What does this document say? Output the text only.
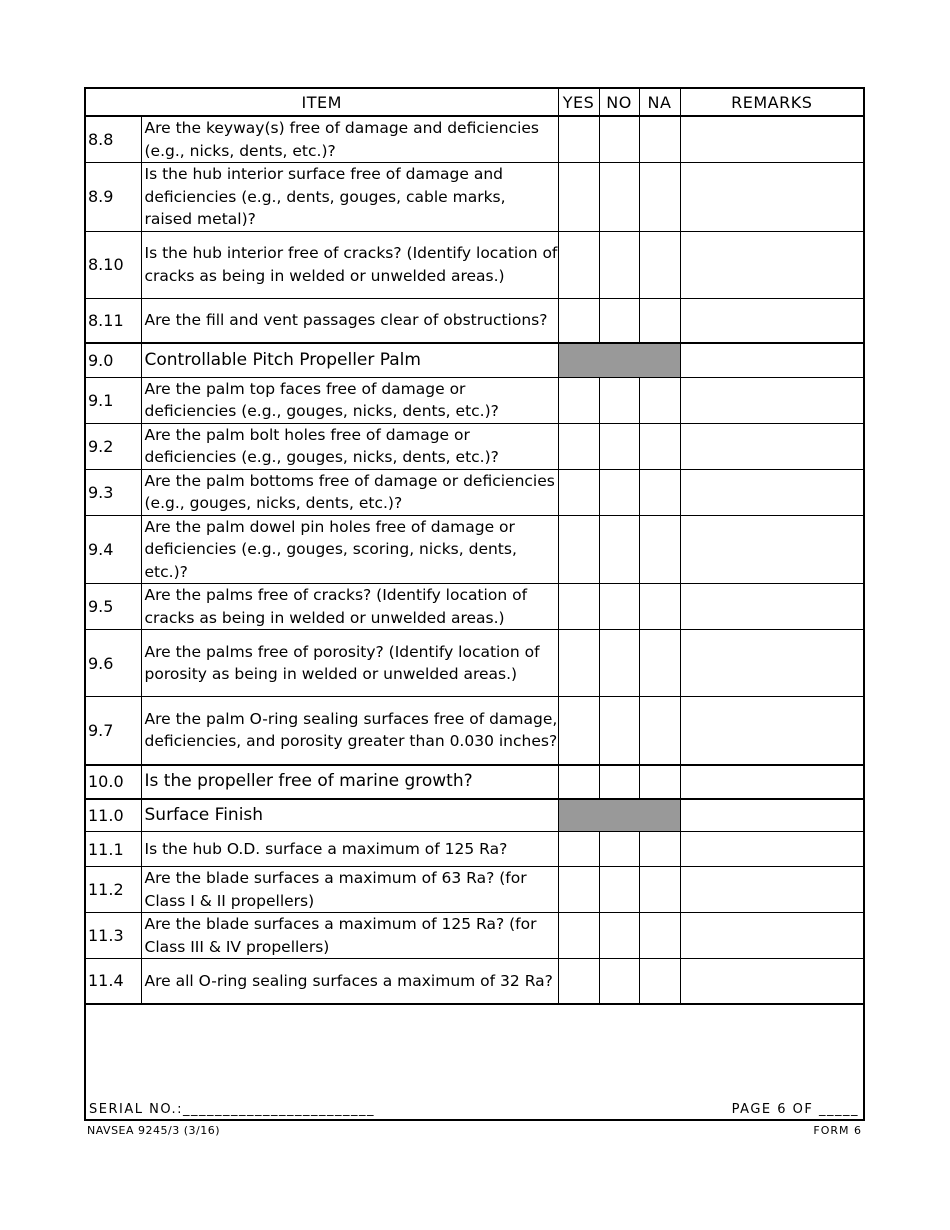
ITEM		YES	NO	NA	REMARKS
8.8	Are the keyway(s) free of damage and deficiencies (e.g., nicks, dents, etc.)?				
8.9	Is the hub interior surface free of damage and deficiencies (e.g., dents, gouges, cable marks, raised metal)?				
8.10	Is the hub interior free of cracks? (Identify location of cracks as being in welded or unwelded areas.)				
8.11	Are the fill and vent passages clear of obstructions?				
9.0	Controllable Pitch Propeller Palm				
9.1	Are the palm top faces free of damage or deficiencies (e.g., gouges, nicks, dents, etc.)?				
9.2	Are the palm bolt holes free of damage or deficiencies (e.g., gouges, nicks, dents, etc.)?				
9.3	Are the palm bottoms free of damage or deficiencies (e.g., gouges, nicks, dents, etc.)?				
9.4	Are the palm dowel pin holes free of damage or deficiencies (e.g., gouges, scoring, nicks, dents, etc.)?				
9.5	Are the palms free of cracks? (Identify location of cracks as being in welded or unwelded areas.)				
9.6	Are the palms free of porosity? (Identify location of porosity as being in welded or unwelded areas.)				
9.7	Are the palm O-ring sealing surfaces free of damage, deficiencies, and porosity greater than 0.030 inches?				
10.0	Is the propeller free of marine growth?				
11.0	Surface Finish				
11.1	Is the hub O.D. surface a maximum of 125 Ra?				
11.2	Are the blade surfaces a maximum of 63 Ra? (for Class I & II propellers)				
11.3	Are the blade surfaces a maximum of 125 Ra? (for Class III & IV propellers)				
11.4	Are all O-ring sealing surfaces a maximum of 32 Ra?				
SERIAL NO.:________________________	PAGE 6 OF _____
NAVSEA 9245/3 (3/16)	FORM 6
